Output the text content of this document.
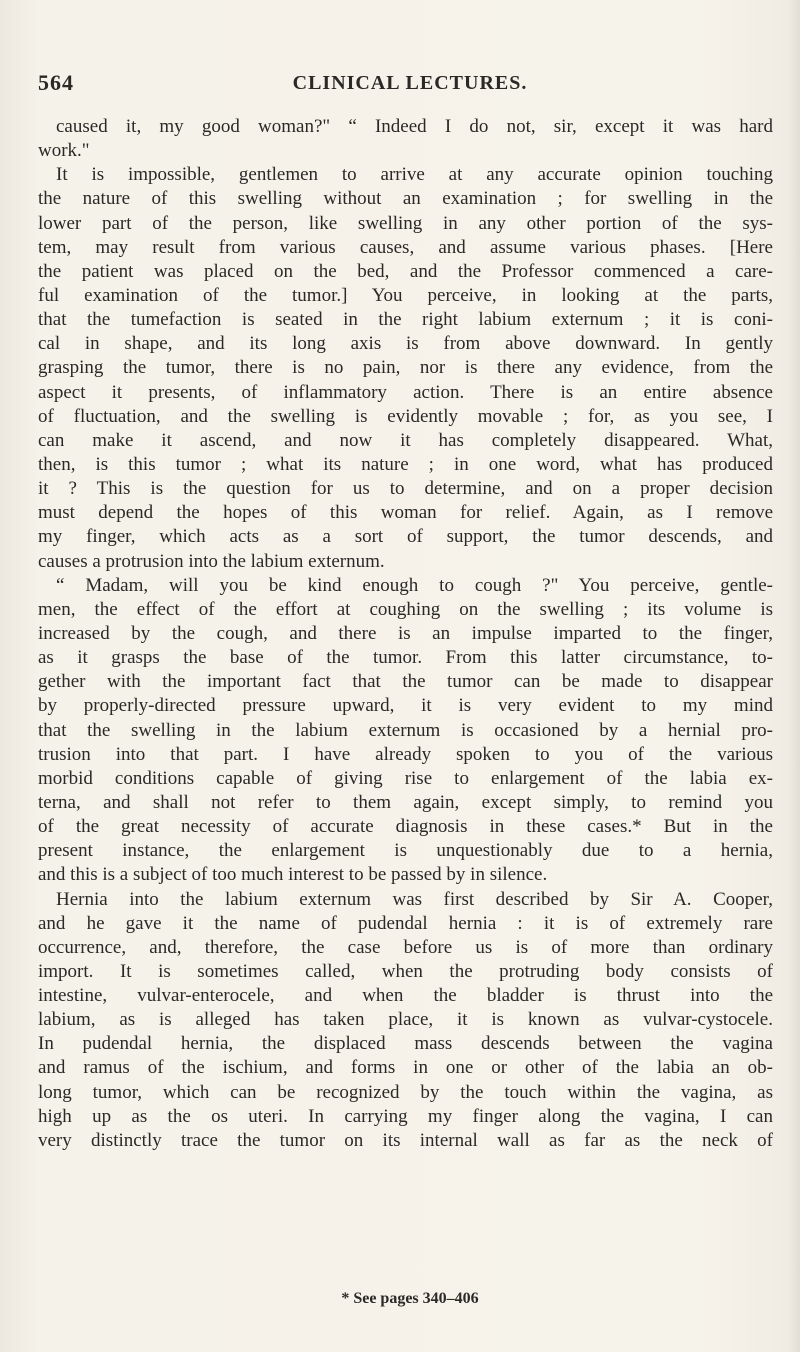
564	CLINICAL LECTURES.
caused it, my good woman?" “ Indeed I do not, sir, except it was hard
work."
It is impossible, gentlemen to arrive at any accurate opinion touching
the nature of this swelling without an examination ; for swelling in the
lower part of the person, like swelling in any other portion of the sys-
tem, may result from various causes, and assume various phases. [Here
the patient was placed on the bed, and the Professor commenced a care-
ful examination of the tumor.] You perceive, in looking at the parts,
that the tumefaction is seated in the right labium externum ; it is coni-
cal in shape, and its long axis is from above downward. In gently
grasping the tumor, there is no pain, nor is there any evidence, from the
aspect it presents, of inflammatory action. There is an entire absence
of fluctuation, and the swelling is evidently movable ; for, as you see, I
can make it ascend, and now it has completely disappeared. What,
then, is this tumor ; what its nature ; in one word, what has produced
it ? This is the question for us to determine, and on a proper decision
must depend the hopes of this woman for relief. Again, as I remove
my finger, which acts as a sort of support, the tumor descends, and
causes a protrusion into the labium externum.
“ Madam, will you be kind enough to cough ?" You perceive, gentle-
men, the effect of the effort at coughing on the swelling ; its volume is
increased by the cough, and there is an impulse imparted to the finger,
as it grasps the base of the tumor. From this latter circumstance, to-
gether with the important fact that the tumor can be made to disappear
by properly-directed pressure upward, it is very evident to my mind
that the swelling in the labium externum is occasioned by a hernial pro-
trusion into that part. I have already spoken to you of the various
morbid conditions capable of giving rise to enlargement of the labia ex-
terna, and shall not refer to them again, except simply, to remind you
of the great necessity of accurate diagnosis in these cases.* But in the
present instance, the enlargement is unquestionably due to a hernia,
and this is a subject of too much interest to be passed by in silence.
Hernia into the labium externum was first described by Sir A. Cooper,
and he gave it the name of pudendal hernia : it is of extremely rare
occurrence, and, therefore, the case before us is of more than ordinary
import. It is sometimes called, when the protruding body consists of
intestine, vulvar-enterocele, and when the bladder is thrust into the
labium, as is alleged has taken place, it is known as vulvar-cystocele.
In pudendal hernia, the displaced mass descends between the vagina
and ramus of the ischium, and forms in one or other of the labia an ob-
long tumor, which can be recognized by the touch within the vagina, as
high up as the os uteri. In carrying my finger along the vagina, I can
very distinctly trace the tumor on its internal wall as far as the neck of
* See pages 340–406
